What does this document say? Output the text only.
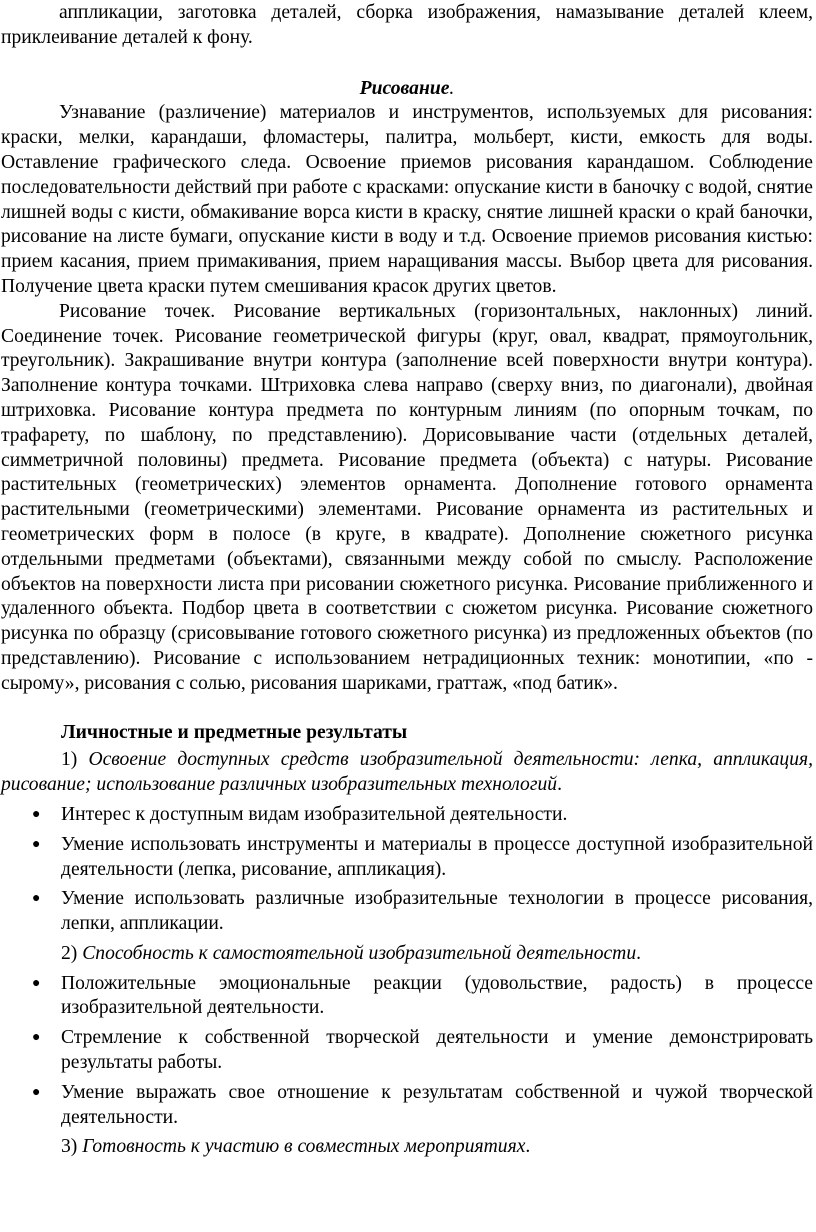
аппликации, заготовка деталей, сборка изображения, намазывание деталей клеем, приклеивание деталей к фону.

Рисование.

Узнавание (различение) материалов и инструментов, используемых для рисования: краски, мелки, карандаши, фломастеры, палитра, мольберт, кисти, емкость для воды. Оставление графического следа. Освоение приемов рисования карандашом. Соблюдение последовательности действий при работе с красками: опускание кисти в баночку с водой, снятие лишней воды с кисти, обмакивание ворса кисти в краску, снятие лишней краски о край баночки, рисование на листе бумаги, опускание кисти в воду и т.д. Освоение приемов рисования кистью: прием касания, прием примакивания, прием наращивания массы. Выбор цвета для рисования. Получение цвета краски путем смешивания красок других цветов.

Рисование точек. Рисование вертикальных (горизонтальных, наклонных) линий. Соединение точек. Рисование геометрической фигуры (круг, овал, квадрат, прямоугольник, треугольник). Закрашивание внутри контура (заполнение всей поверхности внутри контура). Заполнение контура точками. Штриховка слева направо (сверху вниз, по диагонали), двойная штриховка. Рисование контура предмета по контурным линиям (по опорным точкам, по трафарету, по шаблону, по представлению). Дорисовывание части (отдельных деталей, симметричной половины) предмета. Рисование предмета (объекта) с натуры. Рисование растительных (геометрических) элементов орнамента. Дополнение готового орнамента растительными (геометрическими) элементами. Рисование орнамента из растительных и геометрических форм в полосе (в круге, в квадрате). Дополнение сюжетного рисунка отдельными предметами (объектами), связанными между собой по смыслу. Расположение объектов на поверхности листа при рисовании сюжетного рисунка. Рисование приближенного и удаленного объекта. Подбор цвета в соответствии с сюжетом рисунка. Рисование сюжетного рисунка по образцу (срисовывание готового сюжетного рисунка) из предложенных объектов (по представлению). Рисование с использованием нетрадиционных техник: монотипии, «по - сырому», рисования с солью, рисования шариками, граттаж, «под батик».

Личностные и предметные результаты

1) Освоение доступных средств изобразительной деятельности: лепка, аппликация, рисование; использование различных изобразительных технологий.

● Интерес к доступным видам изобразительной деятельности.
● Умение использовать инструменты и материалы в процессе доступной изобразительной деятельности (лепка, рисование, аппликация).
● Умение использовать различные изобразительные технологии в процессе рисования, лепки, аппликации.

2) Способность к самостоятельной изобразительной деятельности.

● Положительные эмоциональные реакции (удовольствие, радость) в процессе изобразительной деятельности.
● Стремление к собственной творческой деятельности и умение демонстрировать результаты работы.
● Умение выражать свое отношение к результатам собственной и чужой творческой деятельности.

3) Готовность к участию в совместных мероприятиях.
